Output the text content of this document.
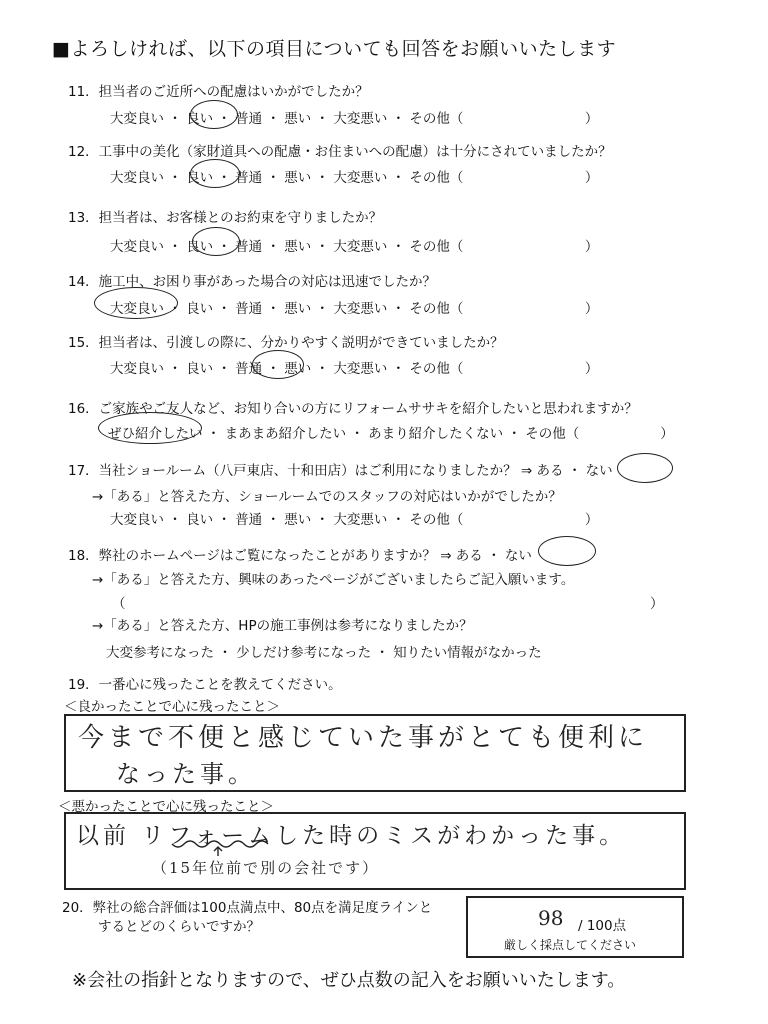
■よろしければ、以下の項目についても回答をお願いいたします
11．担当者のご近所への配慮はいかがでしたか？
大変良い ・ 良い ・ 普通 ・ 悪い ・ 大変悪い ・ その他（　　　　　　　　　）
12．工事中の美化（家財道具への配慮・お住まいへの配慮）は十分にされていましたか？
大変良い ・ 良い ・ 普通 ・ 悪い ・ 大変悪い ・ その他（　　　　　　　　　）
13．担当者は、お客様とのお約束を守りましたか？
大変良い ・ 良い ・ 普通 ・ 悪い ・ 大変悪い ・ その他（　　　　　　　　　）
14．施工中、お困り事があった場合の対応は迅速でしたか？
大変良い ・ 良い ・ 普通 ・ 悪い ・ 大変悪い ・ その他（　　　　　　　　　）
15．担当者は、引渡しの際に、分かりやすく説明ができていましたか？
大変良い ・ 良い ・ 普通 ・ 悪い ・ 大変悪い ・ その他（　　　　　　　　　）
16．ご家族やご友人など、お知り合いの方にリフォームササキを紹介したいと思われますか？
ぜひ紹介したい ・ まあまあ紹介したい ・ あまり紹介したくない ・ その他（　　　　　　）
17．当社ショールーム（八戸東店、十和田店）はご利用になりましたか？ ⇒ ある ・ ない
→「ある」と答えた方、ショールームでのスタッフの対応はいかがでしたか？
大変良い ・ 良い ・ 普通 ・ 悪い ・ 大変悪い ・ その他（　　　　　　　　　）
18．弊社のホームページはご覧になったことがありますか？ ⇒ ある ・ ない
→「ある」と答えた方、興味のあったページがございましたらご記入願います。
（	）
→「ある」と答えた方、HPの施工事例は参考になりましたか？
大変参考になった ・ 少しだけ参考になった ・ 知りたい情報がなかった
19．一番心に残ったことを教えてください。
＜良かったことで心に残ったこと＞
今まで不便と感じていた事がとても便利に
なった事。
＜悪かったことで心に残ったこと＞
以前 リフォームした時のミスがわかった事。
（15年位前で別の会社です）
20．弊社の総合評価は100点満点中、80点を満足度ラインと
するとどのくらいですか？	98 / 100点
厳しく採点してください
※会社の指針となりますので、ぜひ点数の記入をお願いいたします。
